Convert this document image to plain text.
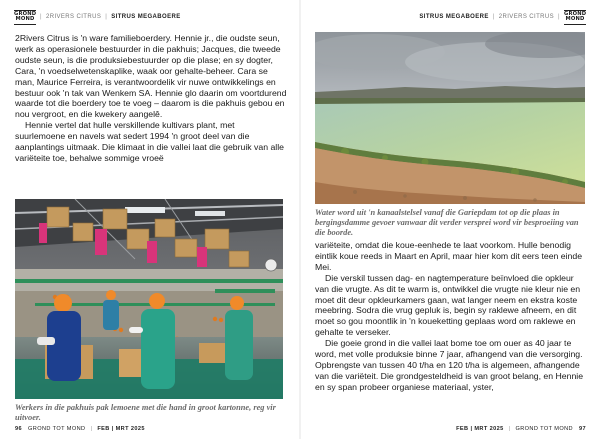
GROND
MOND | 2RIVERS CITRUS | SITRUS MEGABOERE

2Rivers Citrus is 'n ware familieboerdery. Hennie jr., die oudste seun, werk as operasionele bestuurder in die pakhuis; Jacques, die tweede oudste seun, is die produksiebestuurder op die plase; en sy dogter, Cara, 'n voedselwetenskaplike, waak oor gehalte-beheer. Cara se man, Maurice Ferreira, is verantwoordelik vir nuwe ontwikkelings en bestuur ook 'n tak van Wenkem SA. Hennie glo daarin om voortdurend waarde tot die boerdery toe te voeg – daarom is die pakhuis gebou en nou vergroot, en die kwekery aangelê.

Hennie vertel dat hulle verskillende kultivars plant, met suurlemoene en navels wat sedert 1994 'n groot deel van die aanplantings uitmaak. Die klimaat in die vallei laat die gebruik van alle variëteite toe, behalwe sommige vroeë

Werkers in die pakhuis pak lemoene met die hand in groot kartonne, reg vir uitvoer.
96 GROND TOT MOND | FEB | MRT 2025
SITRUS MEGABOERE | 2RIVERS CITRUS |
GROND
MOND
Water word uit 'n kanaalstelsel vanaf die Gariepdam tot op die plaas in bergingsdamme gevoer vanwaar dit verder versprei word vir besproeiing van die boorde.

variëteite, omdat die koue-eenhede te laat voorkom. Hulle benodig eintlik koue reeds in Maart en April, maar hier kom dit eers teen einde Mei.

Die verskil tussen dag- en nagtemperature beïnvloed die opkleur van die vrugte. As dit te warm is, ontwikkel die vrugte nie kleur nie en moet dit deur opkleurkamers gaan, wat langer neem en ekstra koste meebring. Sodra die vrug gepluk is, begin sy raklewe afneem, en dit moet so gou moontlik in 'n koueketting geplaas word om raklewe en gehalte te verseker.

Die goeie grond in die vallei laat bome toe om ouer as 40 jaar te word, met volle produksie binne 7 jaar, afhangend van die versorging. Opbrengste van tussen 40 t/ha en 120 t/ha is algemeen, afhangende van die variëteit. Die grondgesteldheid is van groot belang, en Hennie en sy span probeer organiese materiaal, yster,

FEB | MRT 2025 | GROND TOT MOND 97
